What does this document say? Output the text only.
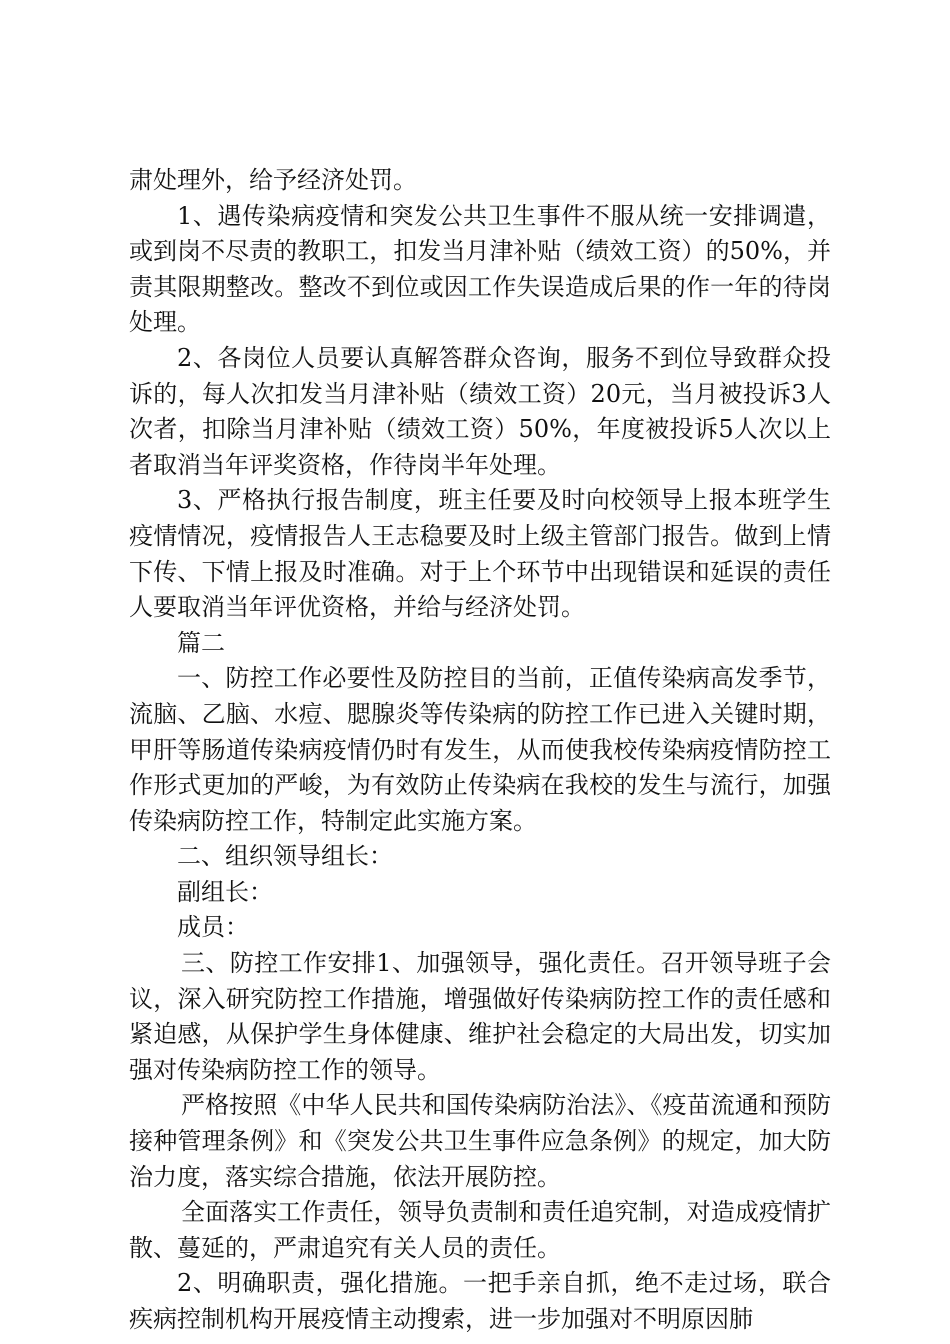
肃处理外，给予经济处罚。

1、遇传染病疫情和突发公共卫生事件不服从统一安排调遣，或到岗不尽责的教职工，扣发当月津补贴（绩效工资）的50%，并责其限期整改。整改不到位或因工作失误造成后果的作一年的待岗处理。

2、各岗位人员要认真解答群众咨询，服务不到位导致群众投诉的，每人次扣发当月津补贴（绩效工资）20元，当月被投诉3人次者，扣除当月津补贴（绩效工资）50%，年度被投诉5人次以上者取消当年评奖资格，作待岗半年处理。

3、严格执行报告制度，班主任要及时向校领导上报本班学生疫情情况，疫情报告人王志稳要及时上级主管部门报告。做到上情下传、下情上报及时准确。对于上个环节中出现错误和延误的责任人要取消当年评优资格，并给与经济处罚。

篇二

一、防控工作必要性及防控目的当前，正值传染病高发季节，流脑、乙脑、水痘、腮腺炎等传染病的防控工作已进入关键时期，甲肝等肠道传染病疫情仍时有发生，从而使我校传染病疫情防控工作形式更加的严峻，为有效防止传染病在我校的发生与流行，加强传染病防控工作，特制定此实施方案。

二、组织领导组长：

副组长：

成员：

三、防控工作安排1、加强领导，强化责任。召开领导班子会议，深入研究防控工作措施，增强做好传染病防控工作的责任感和紧迫感，从保护学生身体健康、维护社会稳定的大局出发，切实加强对传染病防控工作的领导。

严格按照《中华人民共和国传染病防治法》、《疫苗流通和预防接种管理条例》和《突发公共卫生事件应急条例》的规定，加大防治力度，落实综合措施，依法开展防控。

全面落实工作责任，领导负责制和责任追究制，对造成疫情扩散、蔓延的，严肃追究有关人员的责任。

2、明确职责，强化措施。一把手亲自抓，绝不走过场，联合疾病控制机构开展疫情主动搜索，进一步加强对不明原因肺
